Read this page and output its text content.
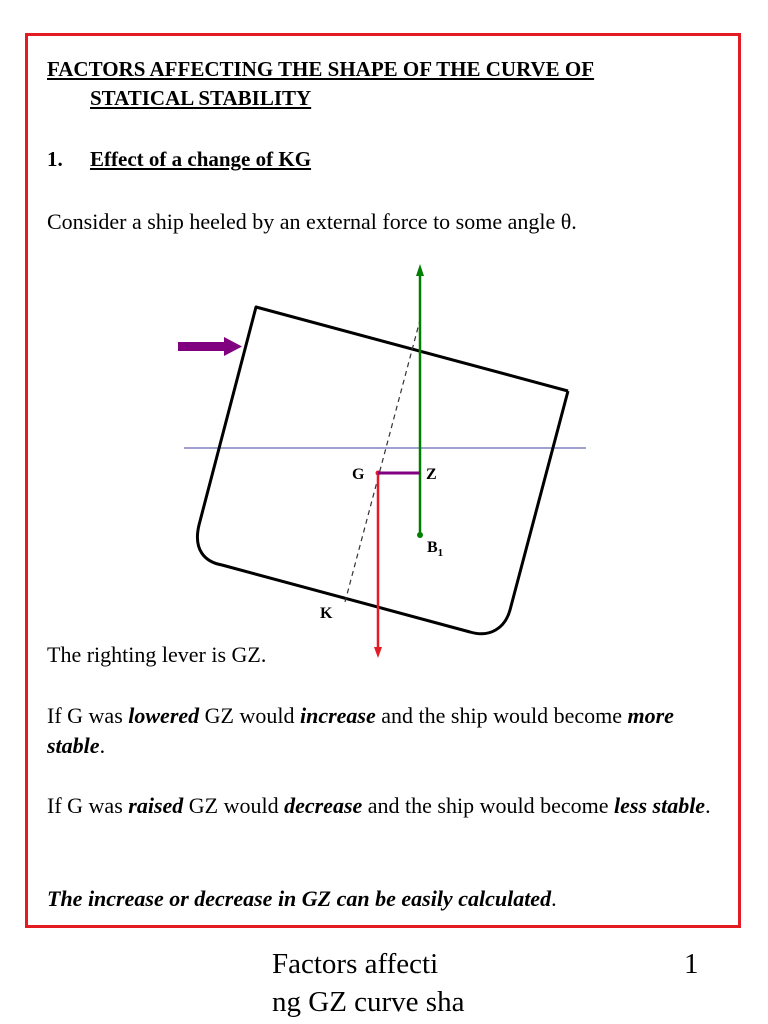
FACTORS AFFECTING THE SHAPE OF THE CURVE OF
STATICAL STABILITY
1. Effect of a change of KG

Consider a ship heeled by an external force to some angle θ.

G	Z
$B_1$
K

The righting lever is GZ.

If G was lowered GZ would increase and the ship would become more stable.

If G was raised GZ would decrease and the ship would become less stable.

The increase or decrease in GZ can be easily calculated.

Factors affecti
ng GZ curve sha
1
